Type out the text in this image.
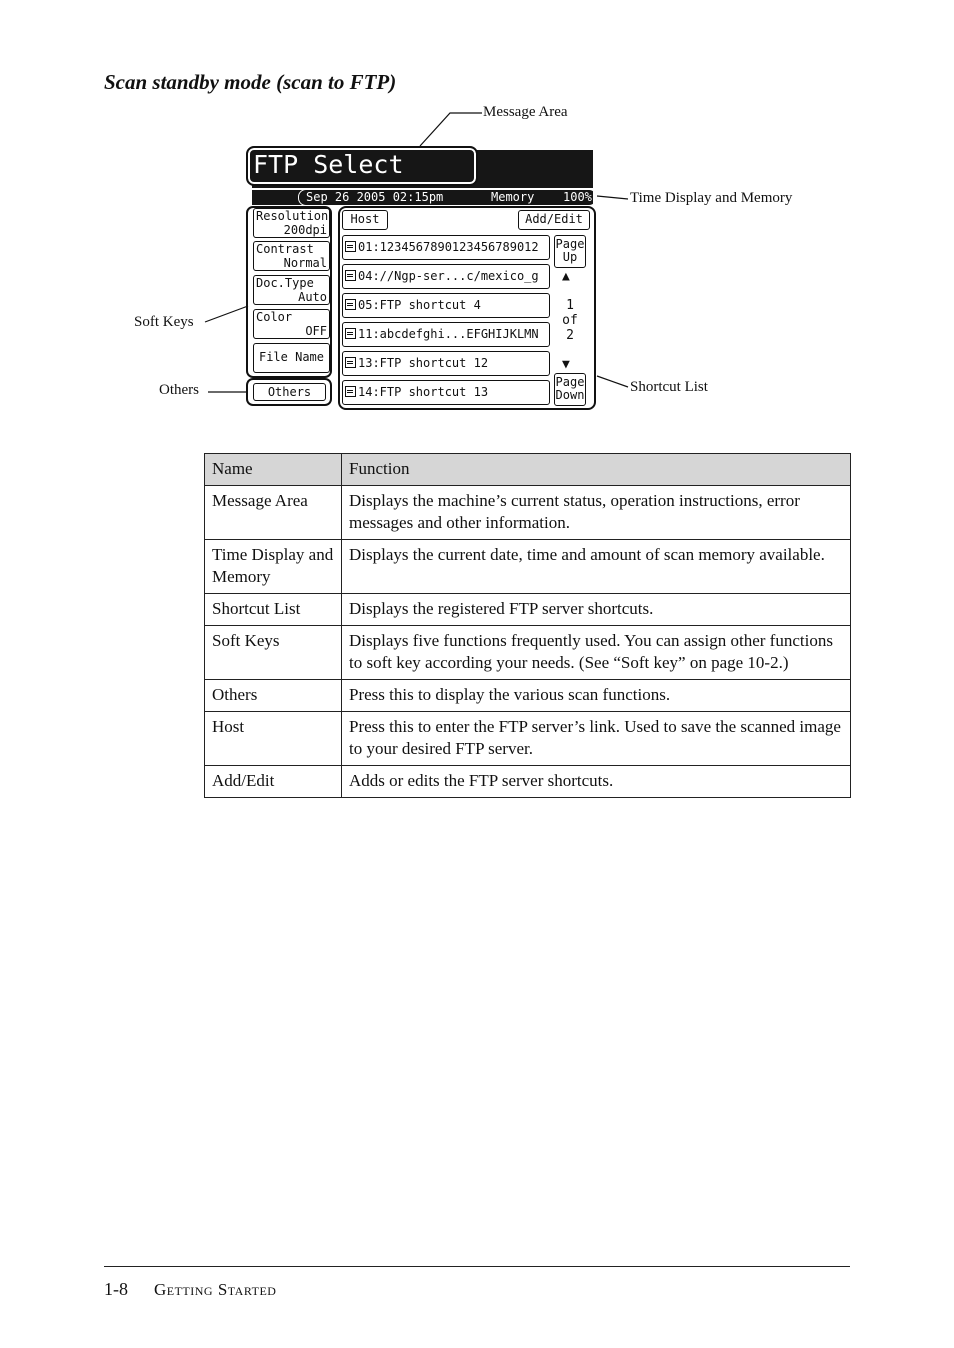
Scan standby mode (scan to FTP)
Message Area
Time Display and Memory
Soft Keys
Others	Shortcut List
FTP Select
Sep 26 2005 02:15pm	Memory 100%
Resolution
200dpi
Contrast
Normal
Doc.Type
Auto
Color
OFF
File Name
Others
Host	Add/Edit
01:12345678901234567890​12
04://Ngp-ser...c/mexico_g
05:FTP shortcut 4
11:abcdefghi...EFGHIJKLMN
13:FTP shortcut 12
14:FTP shortcut 13
Page
Up
▲
1
of
2
▼
Page
Down
Name	Function
Message Area	Displays the machine’s current status, operation instructions, error messages and other information.
Time Display and Memory	Displays the current date, time and amount of scan memory available.
Shortcut List	Displays the registered FTP server shortcuts.
Soft Keys	Displays five functions frequently used. You can assign other functions to soft key according your needs. (See “Soft key” on page 10-2.)
Others	Press this to display the various scan functions.
Host	Press this to enter the FTP server’s link. Used to save the scanned image to your desired FTP server.
Add/Edit	Adds or edits the FTP server shortcuts.
1-8 Getting Started
